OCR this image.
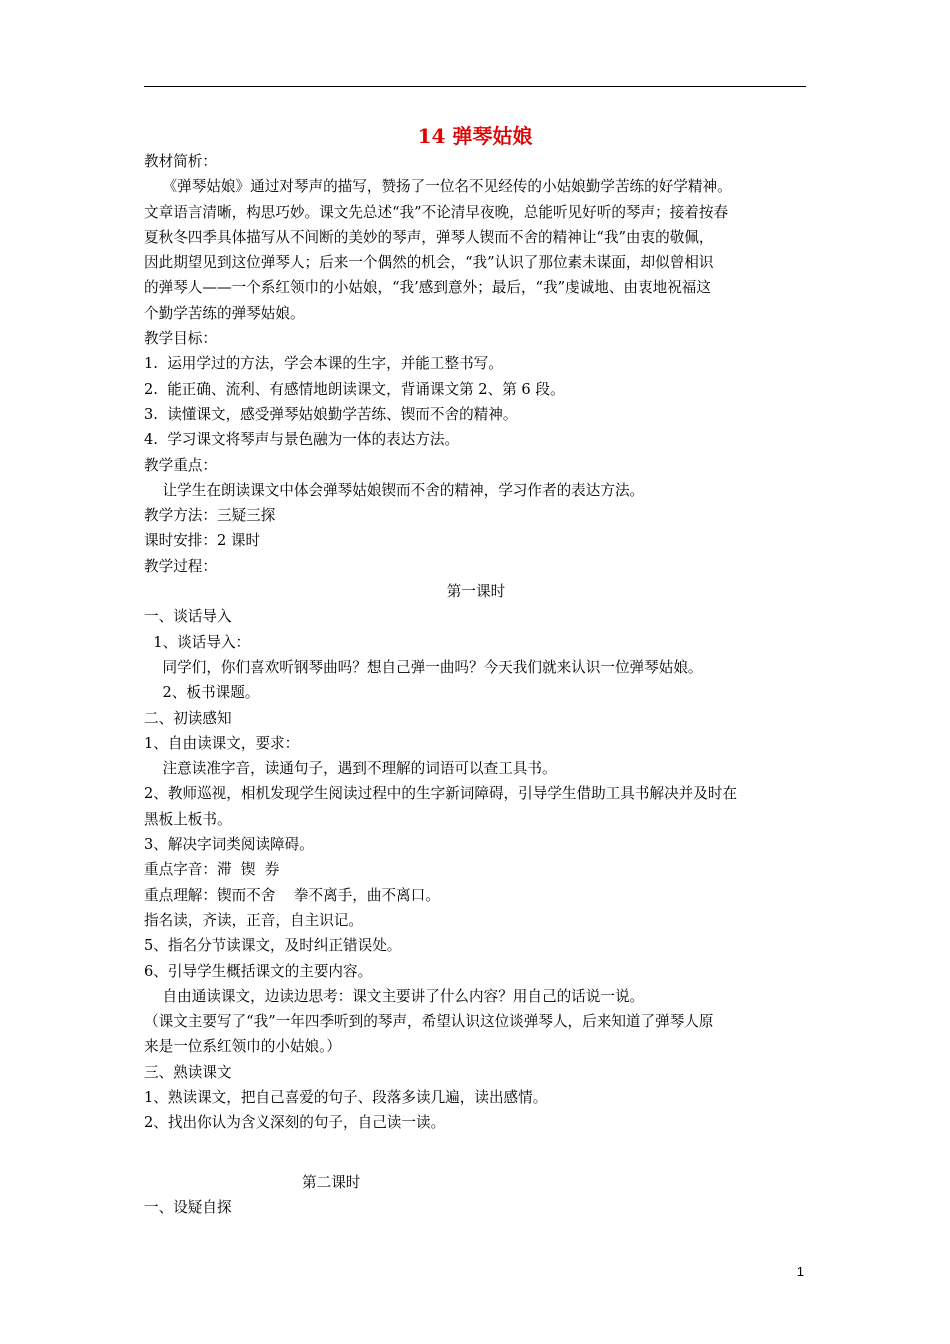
14 弹琴姑娘
教材简析：
《弹琴姑娘》通过对琴声的描写，赞扬了一位名不见经传的小姑娘勤学苦练的好学精神。
文章语言清晰，构思巧妙。课文先总述“我”不论清早夜晚，总能听见好听的琴声；接着按春
夏秋冬四季具体描写从不间断的美妙的琴声，弹琴人锲而不舍的精神让“我”由衷的敬佩，
因此期望见到这位弹琴人；后来一个偶然的机会，“我”认识了那位素未谋面，却似曾相识
的弹琴人——一个系红领巾的小姑娘，“我’感到意外；最后，“我”虔诚地、由衷地祝福这
个勤学苦练的弹琴姑娘。
教学目标：
1.  运用学过的方法，学会本课的生字，并能工整书写。
2.  能正确、流利、有感情地朗读课文，背诵课文第 2、第 6 段。
3.  读懂课文，感受弹琴姑娘勤学苦练、锲而不舍的精神。
4.  学习课文将琴声与景色融为一体的表达方法。
教学重点：
让学生在朗读课文中体会弹琴姑娘锲而不舍的精神，学习作者的表达方法。
教学方法：三疑三探
课时安排：2 课时
教学过程：
第一课时
一、谈话导入
1、谈话导入：
同学们，你们喜欢听钢琴曲吗？想自己弹一曲吗？今天我们就来认识一位弹琴姑娘。
2、板书课题。
二、初读感知
1、自由读课文，要求：
注意读准字音，读通句子，遇到不理解的词语可以查工具书。
2、教师巡视，相机发现学生阅读过程中的生字新词障碍，引导学生借助工具书解决并及时在
黑板上板书。
3、解决字词类阅读障碍。
重点字音：滞  锲  券
重点理解：锲而不舍    拳不离手，曲不离口。
指名读，齐读，正音，自主识记。
5、指名分节读课文，及时纠正错误处。
6、引导学生概括课文的主要内容。
自由通读课文，边读边思考：课文主要讲了什么内容？用自己的话说一说。
（课文主要写了“我”一年四季听到的琴声，希望认识这位谈弹琴人，后来知道了弹琴人原
来是一位系红领巾的小姑娘。）
三、熟读课文
1、熟读课文，把自己喜爱的句子、段落多读几遍，读出感情。
2、找出你认为含义深刻的句子，自己读一读。
第二课时
一、设疑自探
1
